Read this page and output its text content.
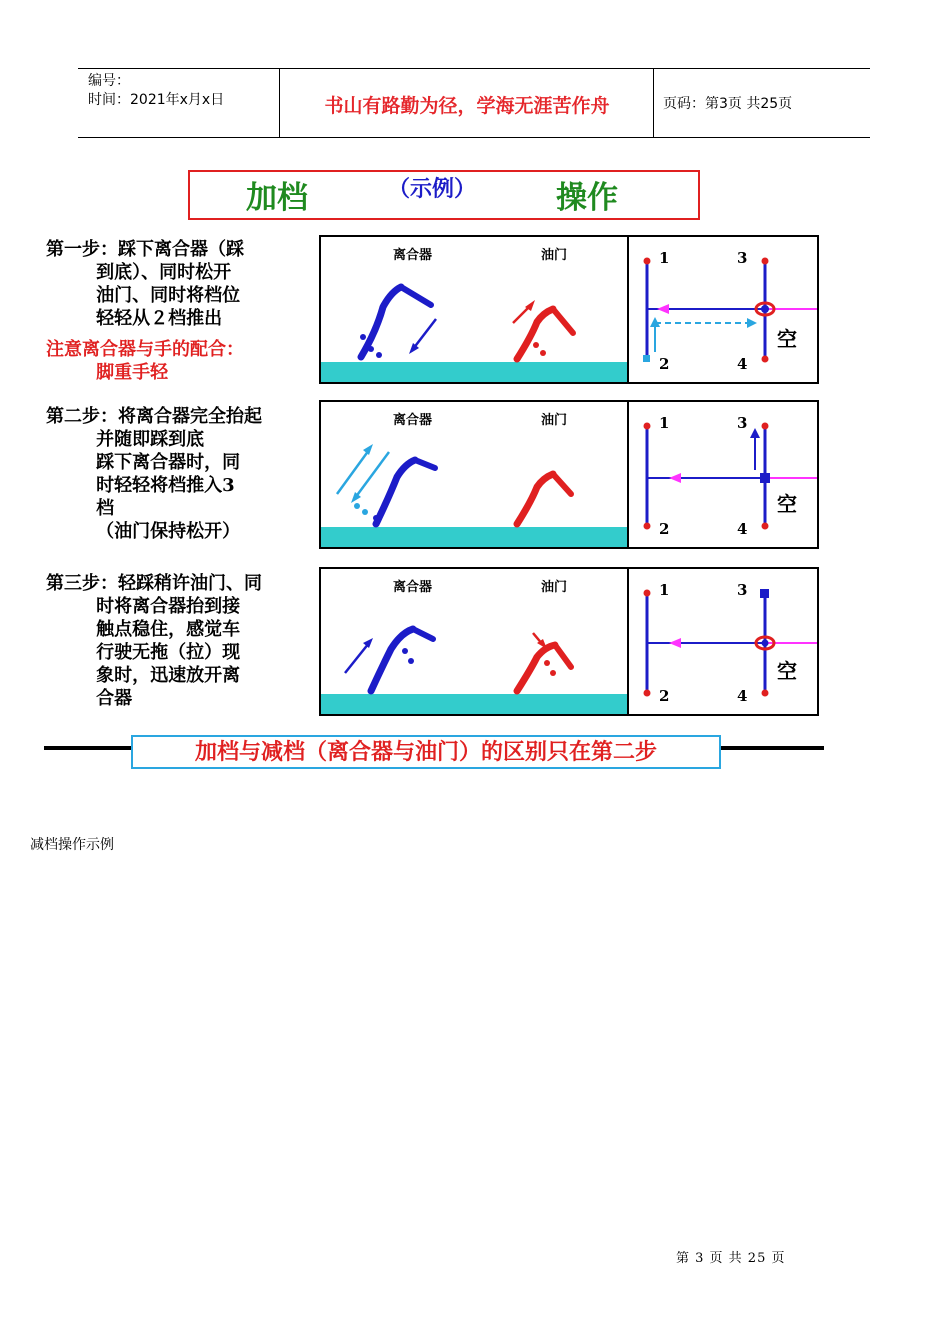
编号：
时间：2021年x月x日	书山有路勤为径，学海无涯苦作舟	页码：第3页 共25页
加档	（示例）	操作
第一步：踩下离合器（踩
到底）、同时松开
油门、同时将档位
轻轻从２档推出
注意离合器与手的配合：
脚重手轻
第二步：将离合器完全抬起
并随即踩到底
踩下离合器时，同
时轻轻将档推入3
档
（油门保持松开）
第三步：轻踩稍许油门、同
时将离合器抬到接
触点稳住，感觉车
行驶无拖（拉）现
象时，迅速放开离
合器
离合器	油门	1
2
3
4
空
离合器	油门	1
2
3
4
空
离合器	油门	1
2
3
4
空
加档与减档（离合器与油门）的区别只在第二步
减档操作示例
第 3 页 共 25 页
